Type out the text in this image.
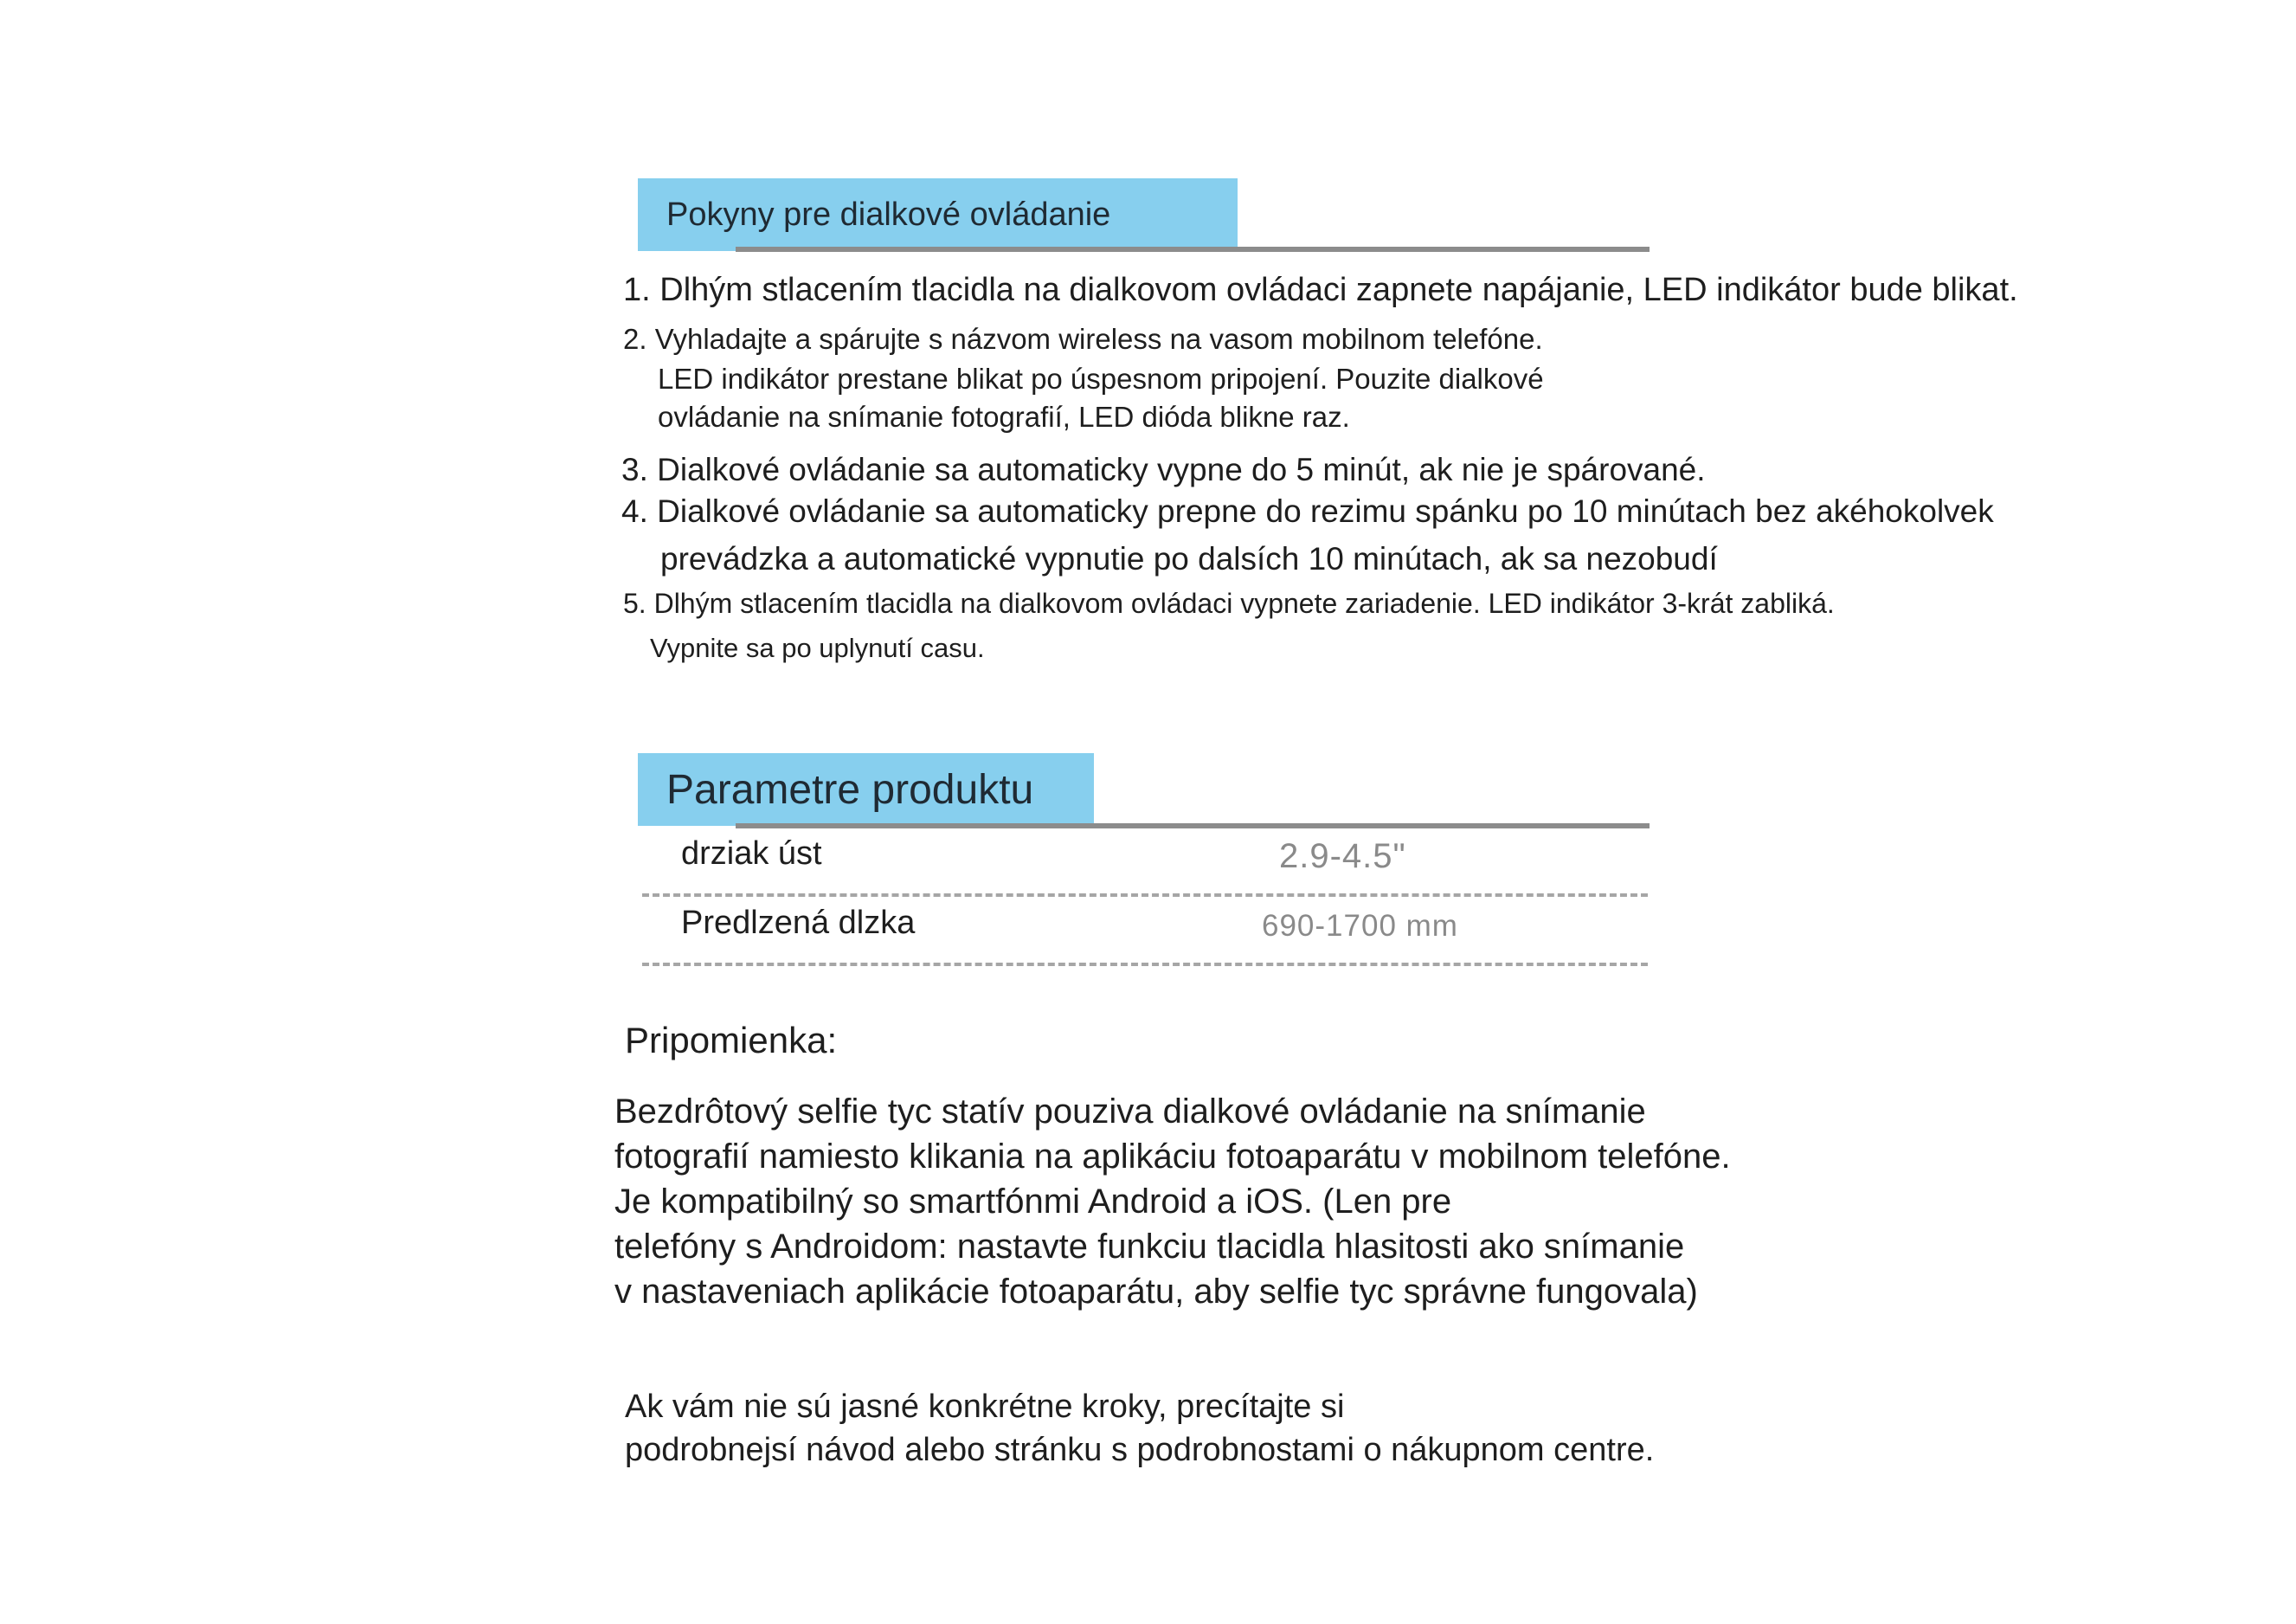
Pokyny pre dialkové ovládanie
1. Dlhým stlacením tlacidla na dialkovom ovládaci zapnete napájanie, LED indikátor bude blikat.
2. Vyhladajte a spárujte s názvom wireless na vasom mobilnom telefóne.
LED indikátor prestane blikat po úspesnom pripojení. Pouzite dialkové
ovládanie na snímanie fotografií, LED dióda blikne raz.
3. Dialkové ovládanie sa automaticky vypne do 5 minút, ak nie je spárované.
4. Dialkové ovládanie sa automaticky prepne do rezimu spánku po 10 minútach bez akéhokolvek
prevádzka a automatické vypnutie po dalsích 10 minútach, ak sa nezobudí
5. Dlhým stlacením tlacidla na dialkovom ovládaci vypnete zariadenie. LED indikátor 3-krát zabliká.
Vypnite sa po uplynutí casu.
Parametre produktu
drziak úst	2.9-4.5"
Predlzená dlzka	690-1700 mm
Pripomienka:
Bezdrôtový selfie tyc statív pouziva dialkové ovládanie na snímanie
fotografií namiesto klikania na aplikáciu fotoaparátu v mobilnom telefóne.
Je kompatibilný so smartfónmi Android a iOS. (Len pre
telefóny s Androidom: nastavte funkciu tlacidla hlasitosti ako snímanie
v nastaveniach aplikácie fotoaparátu, aby selfie tyc správne fungovala)
Ak vám nie sú jasné konkrétne kroky, precítajte si
podrobnejsí návod alebo stránku s podrobnostami o nákupnom centre.
